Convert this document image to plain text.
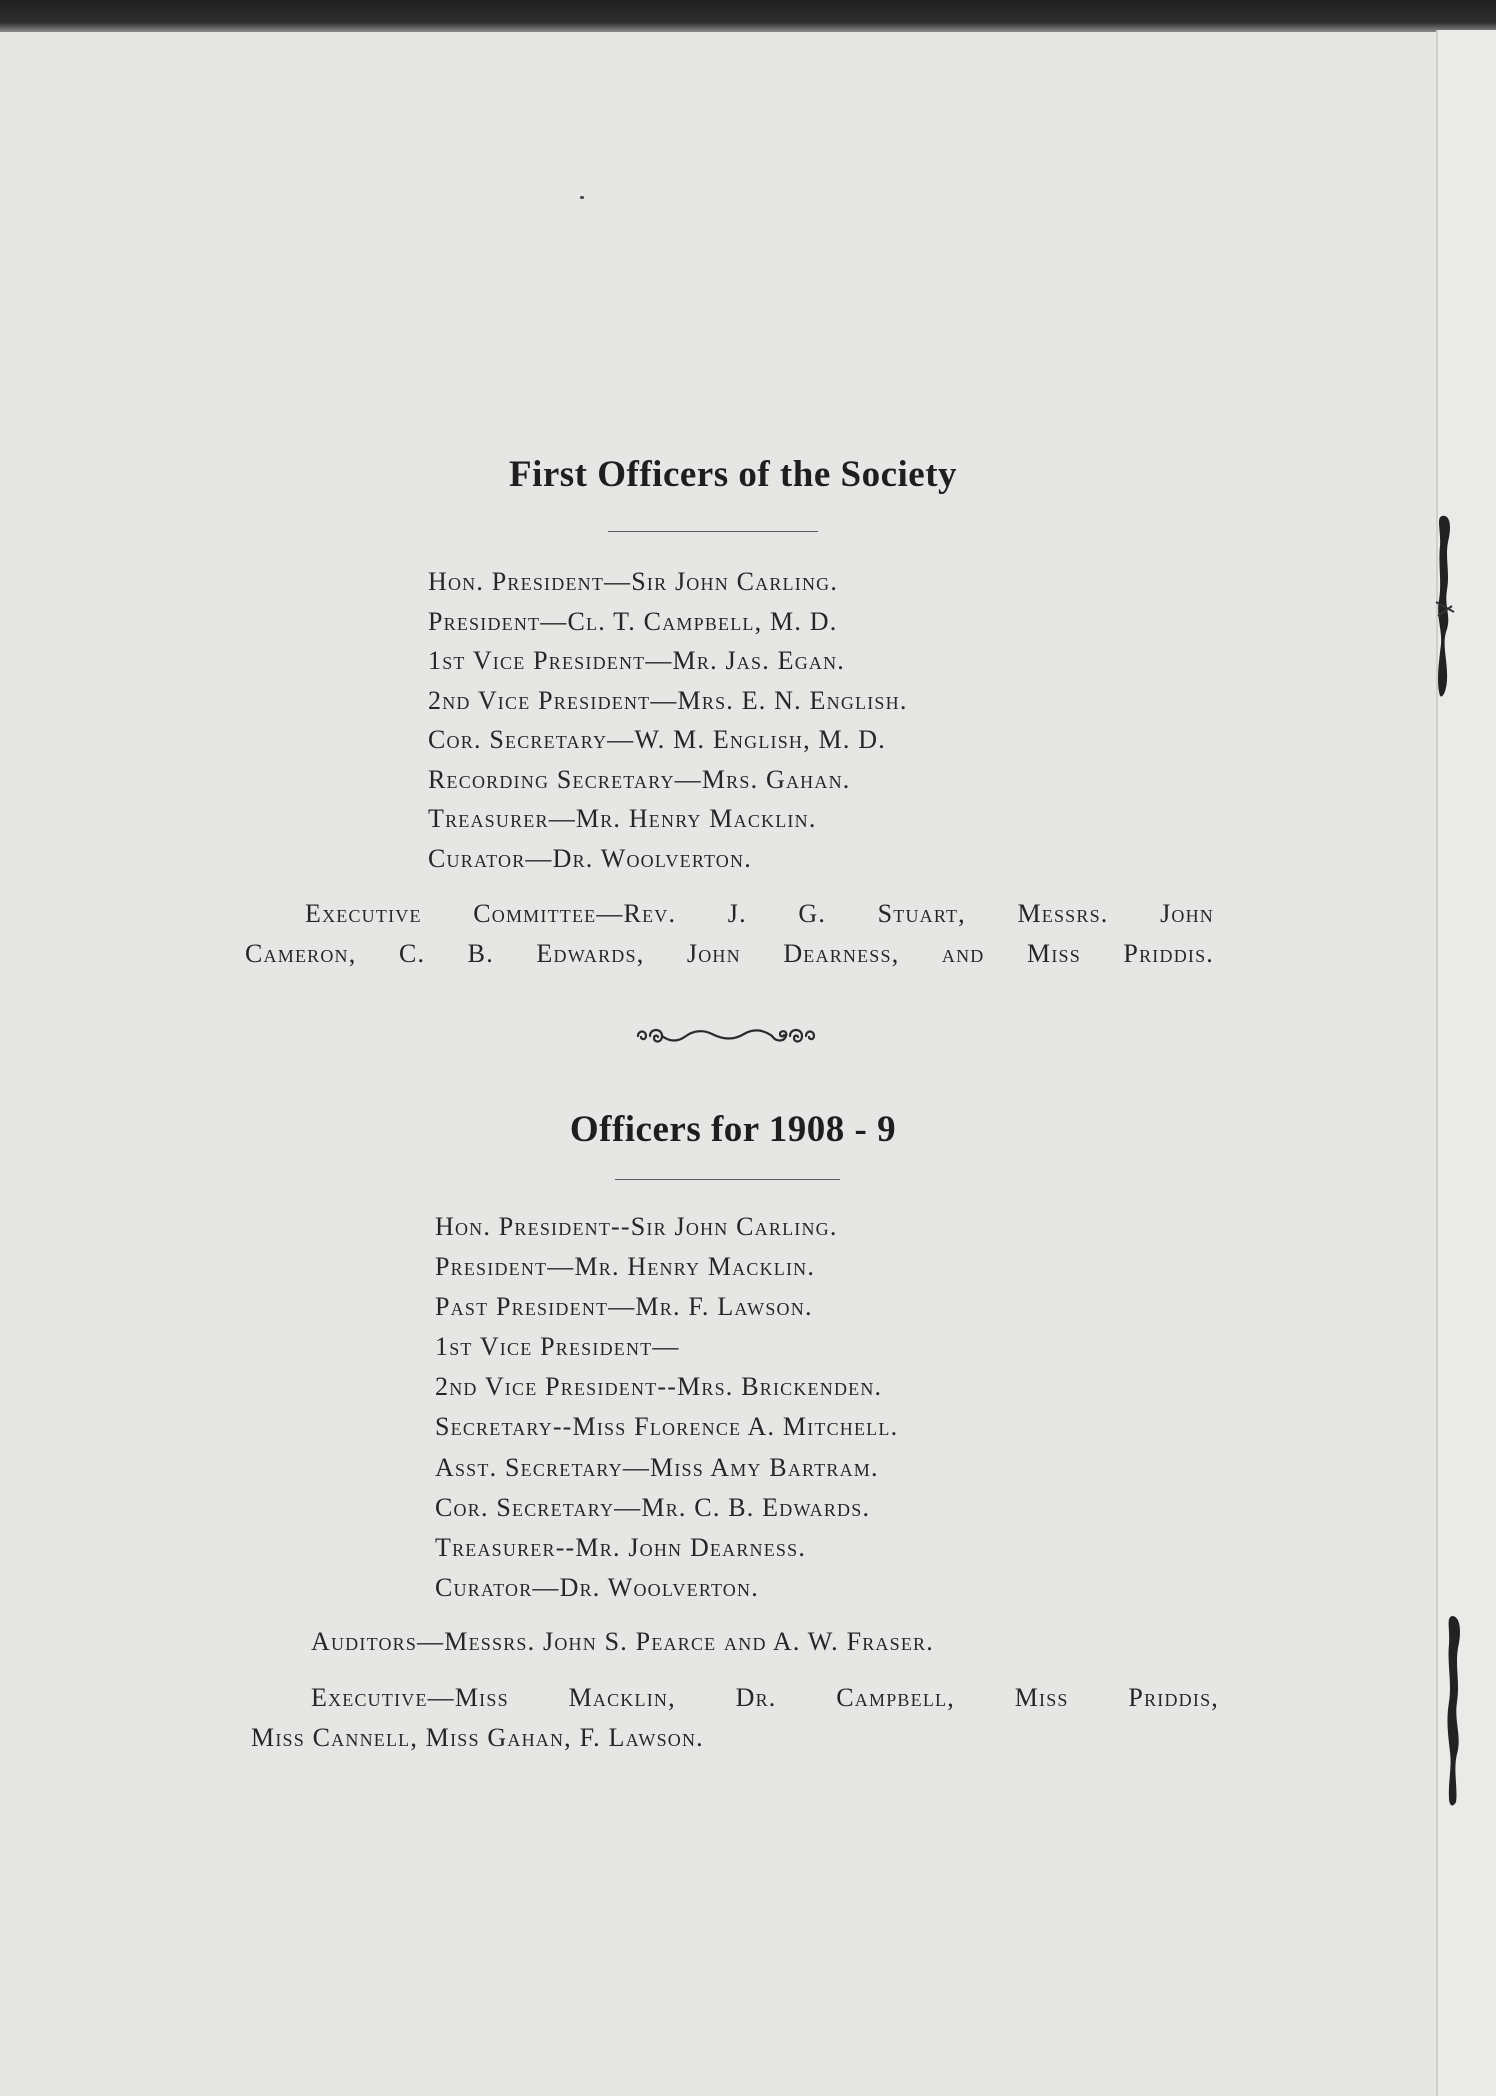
First Officers of the Society
Hon. President—Sir John Carling.
President—Cl. T. Campbell, M. D.
1st Vice President—Mr. Jas. Egan.
2nd Vice President—Mrs. E. N. English.
Cor. Secretary—W. M. English, M. D.
Recording Secretary—Mrs. Gahan.
Treasurer—Mr. Henry Macklin.
Curator—Dr. Woolverton.
Executive Committee—Rev. J. G. Stuart, Messrs. John
Cameron, C. B. Edwards, John Dearness, and Miss Priddis.
Officers for 1908 - 9
Hon. President--Sir John Carling.
President—Mr. Henry Macklin.
Past President—Mr. F. Lawson.
1st Vice President—
2nd Vice President--Mrs. Brickenden.
Secretary--Miss Florence A. Mitchell.
Asst. Secretary—Miss Amy Bartram.
Cor. Secretary—Mr. C. B. Edwards.
Treasurer--Mr. John Dearness.
Curator—Dr. Woolverton.
Auditors—Messrs. John S. Pearce and A. W. Fraser.
Executive—Miss Macklin, Dr. Campbell, Miss Priddis,
Miss Cannell, Miss Gahan, F. Lawson.
